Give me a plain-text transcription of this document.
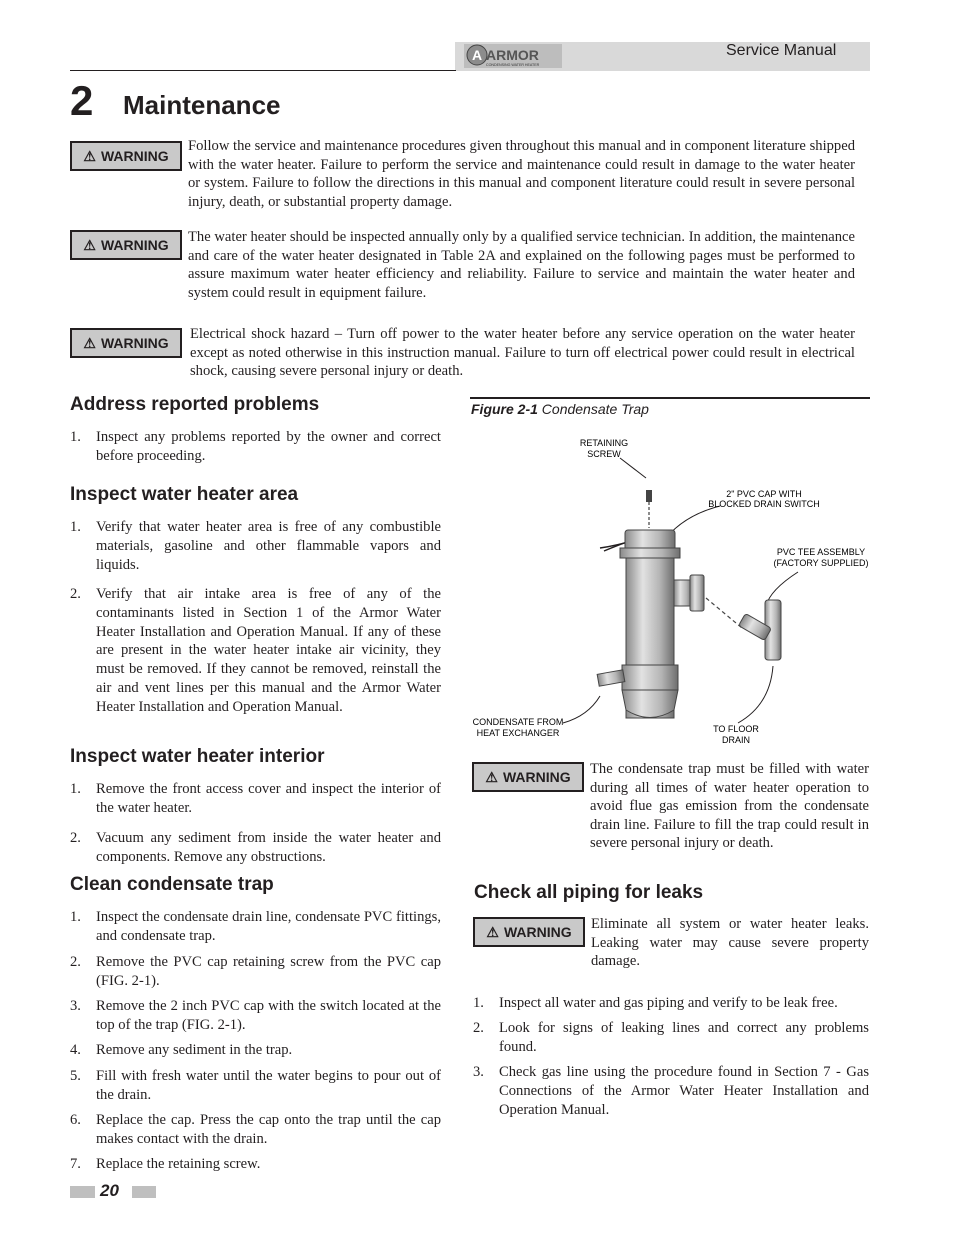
A ARMOR
CONDENSING WATER HEATER
Service Manual
2 Maintenance
⚠ WARNING
Follow the service and maintenance procedures given throughout this manual and in component literature shipped with the water heater. Failure to perform the service and maintenance could result in damage to the water heater or system. Failure to follow the directions in this manual and component literature could result in severe personal injury, death, or substantial property damage.
⚠ WARNING The water heater should be inspected annually only by a qualified service technician. In addition, the maintenance and care of the water heater designated in Table 2A and explained on the following pages must be performed to assure maximum water heater efficiency and reliability. Failure to service and maintain the water heater and system could result in equipment failure.
⚠ WARNING
Electrical shock hazard – Turn off power to the water heater before any service operation on the water heater except as noted otherwise in this instruction manual. Failure to turn off electrical power could result in electrical shock, causing severe personal injury or death.
Address reported problems
1. Inspect any problems reported by the owner and correct before proceeding.
Inspect water heater area
1. Verify that water heater area is free of any combustible materials, gasoline and other flammable vapors and liquids.
2. Verify that air intake area is free of any of the contaminants listed in Section 1 of the Armor Water Heater Installation and Operation Manual. If any of these are present in the water heater intake air vicinity, they must be removed. If they cannot be removed, reinstall the air and vent lines per this manual and the Armor Water Heater Installation and Operation Manual.
Inspect water heater interior
1. Remove the front access cover and inspect the interior of the water heater.
2. Vacuum any sediment from inside the water heater and components. Remove any obstructions.
Clean condensate trap
1. Inspect the condensate drain line, condensate PVC fittings, and condensate trap.
2. Remove the PVC cap retaining screw from the PVC cap (FIG. 2-1).
3. Remove the 2 inch PVC cap with the switch located at the top of the trap (FIG. 2-1).
4. Remove any sediment in the trap.
5. Fill with fresh water until the water begins to pour out of the drain.
6. Replace the cap. Press the cap onto the trap until the cap makes contact with the drain.
7. Replace the retaining screw.
Figure 2-1 Condensate Trap
RETAINING
SCREW
2" PVC CAP WITH
BLOCKED DRAIN SWITCH
PVC TEE ASSEMBLY
(FACTORY SUPPLIED)
CONDENSATE FROM
HEAT EXCHANGER	TO FLOOR
DRAIN
⚠ WARNING The condensate trap must be filled with water during all times of water heater operation to avoid flue gas emission from the condensate drain line. Failure to fill the trap could result in severe personal injury or death.
Check all piping for leaks
⚠ WARNING Eliminate all system or water heater leaks. Leaking water may cause severe property damage.
1. Inspect all water and gas piping and verify to be leak free.
2. Look for signs of leaking lines and correct any problems found.
3. Check gas line using the procedure found in Section 7 - Gas Connections of the Armor Water Heater Installation and Operation Manual.
20
